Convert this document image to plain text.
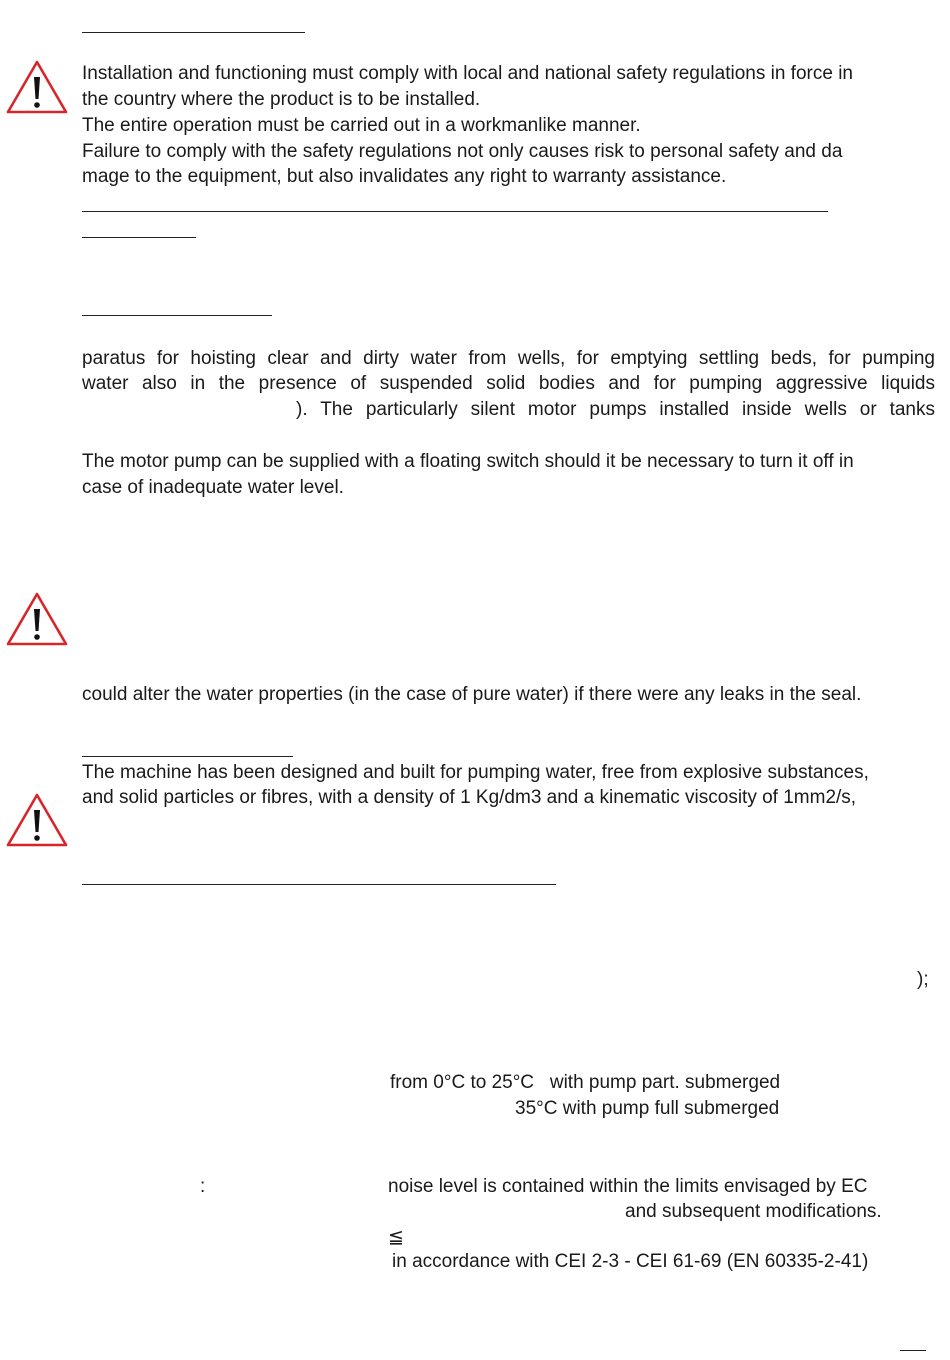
Installation and functioning must comply with local and national safety regulations in force in
the country where the product is to be installed.
The entire operation must be carried out in a workmanlike manner.
Failure to comply with the safety regulations not only causes risk to personal safety and da
mage to the equipment, but also invalidates any right to warranty assistance.
paratus for hoisting clear and dirty water from wells, for emptying settling beds, for pumping
water also in the presence of suspended solid bodies and for pumping aggressive liquids
). The particularly silent motor pumps installed inside wells or tanks
The motor pump can be supplied with a floating switch should it be necessary to turn it off in
case of inadequate water level.
could alter the water properties (in the case of pure water) if there were any leaks in the seal.
The machine has been designed and built for pumping water, free from explosive substances,
and solid particles or fibres, with a density of 1 Kg/dm3 and a kinematic viscosity of 1mm2/s,
);
from 0°C to 25°C   with pump part. submerged
35°C with pump full submerged
:	noise level is contained within the limits envisaged by EC
and subsequent modifications.
≦
in accordance with CEI 2-3 - CEI 61-69 (EN 60335-2-41)
